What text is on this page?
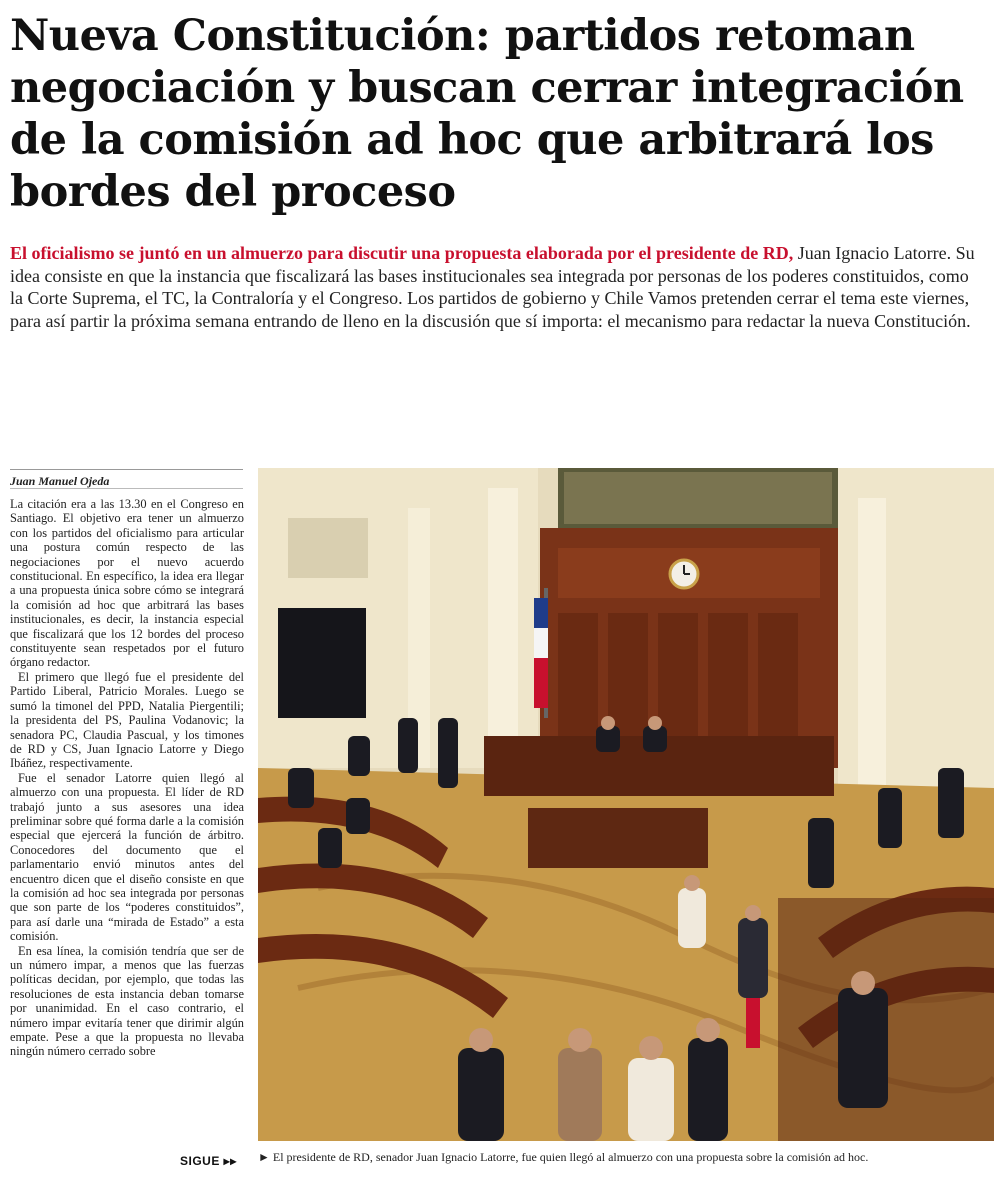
Nueva Constitución: partidos retoman negociación y buscan cerrar integración de la comisión ad hoc que arbitrará los bordes del proceso

El oficialismo se juntó en un almuerzo para discutir una propuesta elaborada por el presidente de RD, Juan Ignacio Latorre. Su idea consiste en que la instancia que fiscalizará las bases institucionales sea integrada por personas de los poderes constituidos, como la Corte Suprema, el TC, la Contraloría y el Congreso. Los partidos de gobierno y Chile Vamos pretenden cerrar el tema este viernes, para así partir la próxima semana entrando de lleno en la discusión que sí importa: el mecanismo para redactar la nueva Constitución.

Juan Manuel Ojeda

La citación era a las 13.30 en el Congreso en Santiago. El objetivo era tener un almuerzo con los partidos del oficialismo para articular una postura común respecto de las negociaciones por el nuevo acuerdo constitucional. En específico, la idea era llegar a una propuesta única sobre cómo se integrará la comisión ad hoc que arbitrará las bases institucionales, es decir, la instancia especial que fiscalizará que los 12 bordes del proceso constituyente sean respetados por el futuro órgano redactor.

El primero que llegó fue el presidente del Partido Liberal, Patricio Morales. Luego se sumó la timonel del PPD, Natalia Piergentili; la presidenta del PS, Paulina Vodanovic; la senadora PC, Claudia Pascual, y los timones de RD y CS, Juan Ignacio Latorre y Diego Ibáñez, respectivamente.

Fue el senador Latorre quien llegó al almuerzo con una propuesta. El líder de RD trabajó junto a sus asesores una idea preliminar sobre qué forma darle a la comisión especial que ejercerá la función de árbitro. Conocedores del documento que el parlamentario envió minutos antes del encuentro dicen que el diseño consiste en que la comisión ad hoc sea integrada por personas que son parte de los “poderes constituidos”, para así darle una “mirada de Estado” a esta comisión.

En esa línea, la comisión tendría que ser de un número impar, a menos que las fuerzas políticas decidan, por ejemplo, que todas las resoluciones de esta instancia deban tomarse por unanimidad. En el caso contrario, el número impar evitaría tener que dirimir algún empate. Pese a que la propuesta no llevaba ningún número cerrado sobre

SIGUE ▸▸ ► El presidente de RD, senador Juan Ignacio Latorre, fue quien llegó al almuerzo con una propuesta sobre la comisión ad hoc.
